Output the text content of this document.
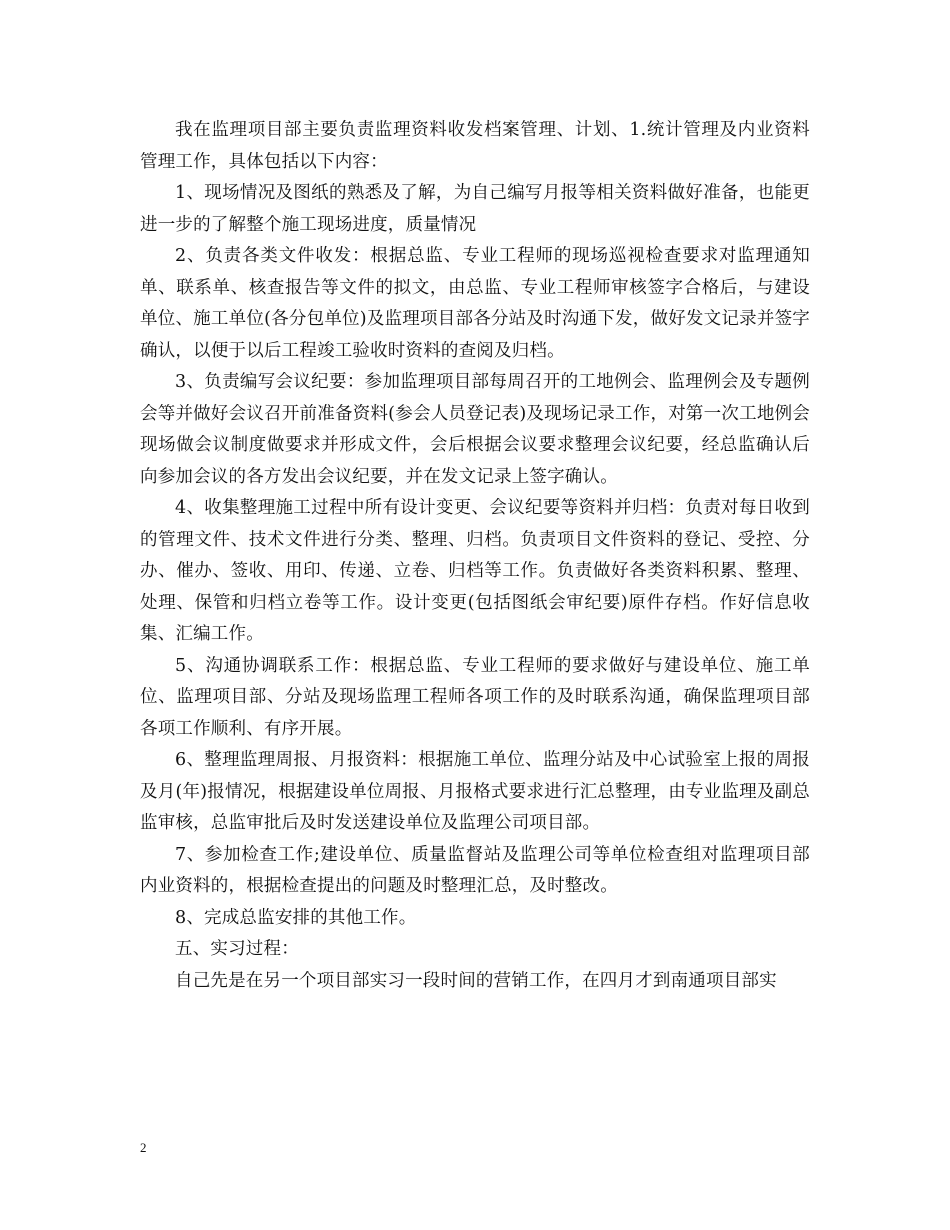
我在监理项目部主要负责监理资料收发档案管理、计划、1.统计管理及内业资料管理工作，具体包括以下内容：

1、现场情况及图纸的熟悉及了解，为自己编写月报等相关资料做好准备，也能更进一步的了解整个施工现场进度，质量情况

2、负责各类文件收发：根据总监、专业工程师的现场巡视检查要求对监理通知单、联系单、核查报告等文件的拟文，由总监、专业工程师审核签字合格后，与建设单位、施工单位(各分包单位)及监理项目部各分站及时沟通下发，做好发文记录并签字确认，以便于以后工程竣工验收时资料的查阅及归档。

3、负责编写会议纪要：参加监理项目部每周召开的工地例会、监理例会及专题例会等并做好会议召开前准备资料(参会人员登记表)及现场记录工作，对第一次工地例会现场做会议制度做要求并形成文件，会后根据会议要求整理会议纪要，经总监确认后向参加会议的各方发出会议纪要，并在发文记录上签字确认。

4、收集整理施工过程中所有设计变更、会议纪要等资料并归档：负责对每日收到的管理文件、技术文件进行分类、整理、归档。负责项目文件资料的登记、受控、分办、催办、签收、用印、传递、立卷、归档等工作。负责做好各类资料积累、整理、处理、保管和归档立卷等工作。设计变更(包括图纸会审纪要)原件存档。作好信息收集、汇编工作。

5、沟通协调联系工作：根据总监、专业工程师的要求做好与建设单位、施工单位、监理项目部、分站及现场监理工程师各项工作的及时联系沟通，确保监理项目部各项工作顺利、有序开展。

6、整理监理周报、月报资料：根据施工单位、监理分站及中心试验室上报的周报及月(年)报情况，根据建设单位周报、月报格式要求进行汇总整理，由专业监理及副总监审核，总监审批后及时发送建设单位及监理公司项目部。

7、参加检查工作;建设单位、质量监督站及监理公司等单位检查组对监理项目部内业资料的，根据检查提出的问题及时整理汇总，及时整改。

8、完成总监安排的其他工作。

五、实习过程：

自己先是在另一个项目部实习一段时间的营销工作，在四月才到南通项目部实

2
